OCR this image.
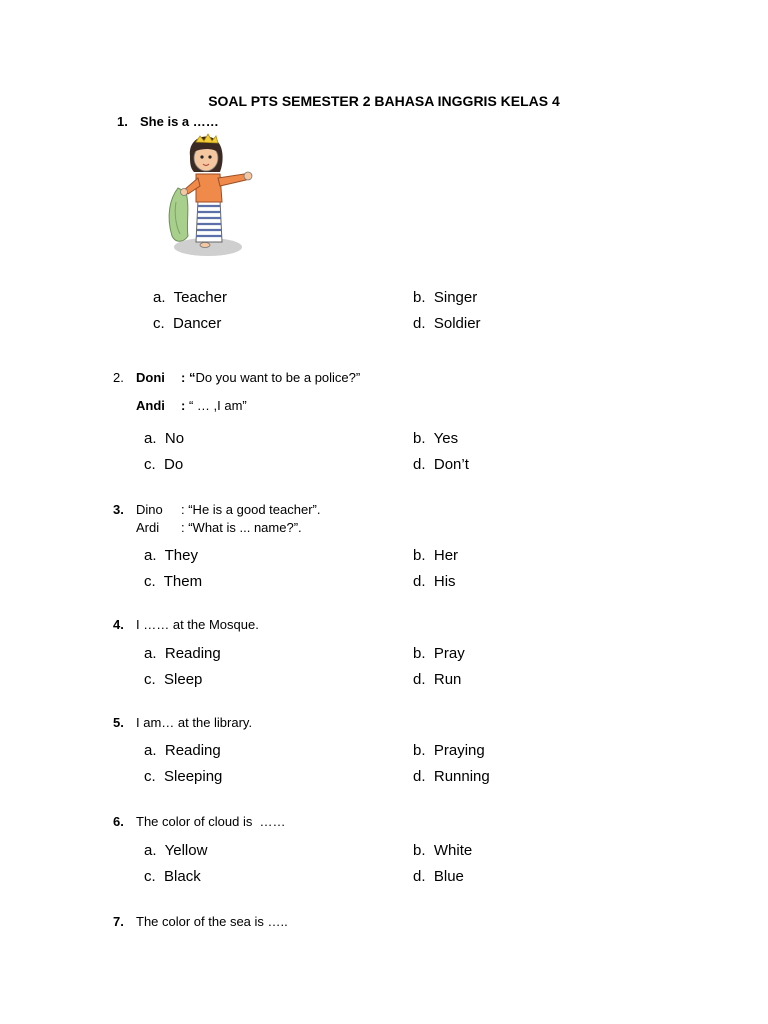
SOAL PTS SEMESTER 2 BAHASA INGGRIS KELAS 4
1. She is a ……
a. Teacher	b. Singer
c. Dancer	d. Soldier
2. Doni : “Do you want to be a police?”
Andi : “ … ,I am”
a. No	b. Yes
c. Do	d. Don’t
3. Dino : “He is a good teacher”.
Ardi : “What is ... name?”.
a. They	b. Her
c. Them	d. His
4. I …… at the Mosque.
a. Reading	b. Pray
c. Sleep	d. Run
5. I am… at the library.
a. Reading	b. Praying
c. Sleeping	d. Running
6. The color of cloud is  ……
a. Yellow	b. White
c. Black	d. Blue
7. The color of the sea is …..
